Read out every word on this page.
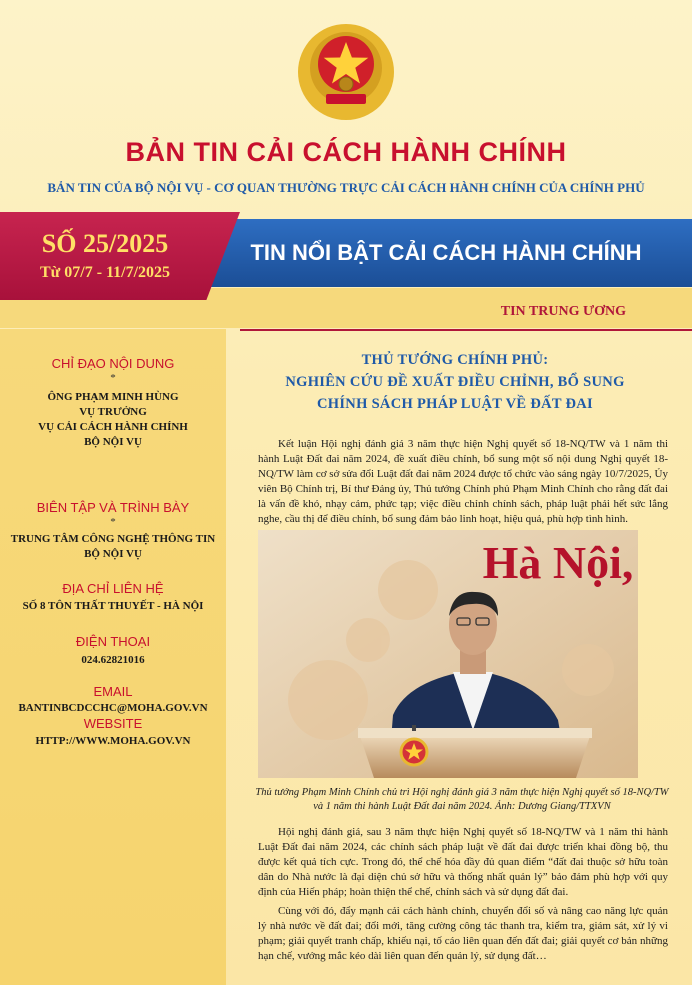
BẢN TIN CẢI CÁCH HÀNH CHÍNH
BẢN TIN CỦA BỘ NỘI VỤ - CƠ QUAN THƯỜNG TRỰC CẢI CÁCH HÀNH CHÍNH CỦA CHÍNH PHỦ
TIN NỔI BẬT CẢI CÁCH HÀNH CHÍNH
SỐ 25/2025
Từ 07/7 - 11/7/2025
TIN TRUNG ƯƠNG
CHỈ ĐẠO NỘI DUNG
*
ÔNG PHẠM MINH HÙNG
VỤ TRƯỞNG
VỤ CẢI CÁCH HÀNH CHÍNH
BỘ NỘI VỤ
BIÊN TẬP VÀ TRÌNH BÀY
*
TRUNG TÂM CÔNG NGHỆ THÔNG TIN
BỘ NỘI VỤ
ĐỊA CHỈ LIÊN HỆ
SỐ 8 TÔN THẤT THUYẾT - HÀ NỘI
ĐIỆN THOẠI
024.62821016
EMAIL
BANTINBCDCCHC@MOHA.GOV.VN
WEBSITE
HTTP://WWW.MOHA.GOV.VN
THỦ TƯỚNG CHÍNH PHỦ:
NGHIÊN CỨU ĐỀ XUẤT ĐIỀU CHỈNH, BỔ SUNG
CHÍNH SÁCH PHÁP LUẬT VỀ ĐẤT ĐAI
Kết luận Hội nghị đánh giá 3 năm thực hiện Nghị quyết số 18-NQ/TW và 1 năm thi hành Luật Đất đai năm 2024, đề xuất điều chỉnh, bổ sung một số nội dung Nghị quyết 18-NQ/TW làm cơ sở sửa đổi Luật đất đai năm 2024 được tổ chức vào sáng ngày 10/7/2025, Ủy viên Bộ Chính trị, Bí thư Đảng ủy, Thủ tướng Chính phủ Phạm Minh Chính cho rằng đất đai là vấn đề khó, nhạy cảm, phức tạp; việc điều chỉnh chính sách, pháp luật phải hết sức lắng nghe, cầu thị để điều chỉnh, bổ sung đảm bảo linh hoạt, hiệu quả, phù hợp tình hình.
Hà Nội,
Thủ tướng Phạm Minh Chính chủ trì Hội nghị đánh giá 3 năm thực hiện Nghị quyết số 18-NQ/TW và 1 năm thi hành Luật Đất đai năm 2024. Ảnh: Dương Giang/TTXVN
Hội nghị đánh giá, sau 3 năm thực hiện Nghị quyết số 18-NQ/TW và 1 năm thi hành Luật Đất đai năm 2024, các chính sách pháp luật về đất đai được triển khai đồng bộ, thu được kết quả tích cực. Trong đó, thể chế hóa đầy đủ quan điểm “đất đai thuộc sở hữu toàn dân do Nhà nước là đại diện chủ sở hữu và thống nhất quản lý” bảo đảm phù hợp với quy định của Hiến pháp; hoàn thiện thể chế, chính sách và sử dụng đất đai.
Cùng với đó, đẩy mạnh cải cách hành chính, chuyển đổi số và nâng cao năng lực quản lý nhà nước về đất đai; đổi mới, tăng cường công tác thanh tra, kiểm tra, giám sát, xử lý vi phạm; giải quyết tranh chấp, khiếu nại, tố cáo liên quan đến đất đai; giải quyết cơ bản những hạn chế, vướng mắc kéo dài liên quan đến quản lý, sử dụng đất…
